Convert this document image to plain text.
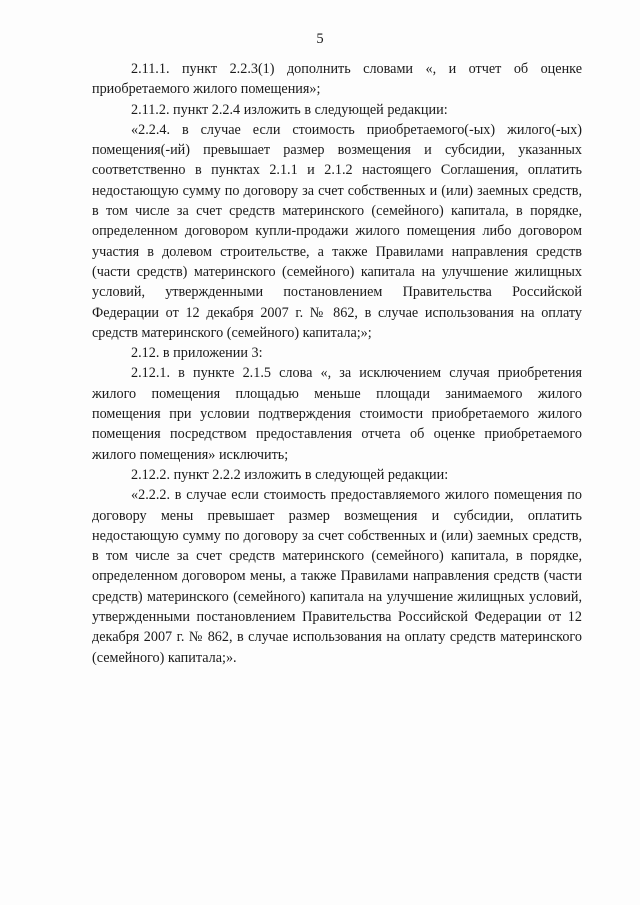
5

2.11.1. пункт 2.2.3(1) дополнить словами «, и отчет об оценке приобретаемого жилого помещения»;

2.11.2. пункт 2.2.4 изложить в следующей редакции:

«2.2.4. в случае если стоимость приобретаемого(-ых) жилого(-ых) помещения(-ий) превышает размер возмещения и субсидии, указанных соответственно в пунктах 2.1.1 и 2.1.2 настоящего Соглашения, оплатить недостающую сумму по договору за счет собственных и (или) заемных средств, в том числе за счет средств материнского (семейного) капитала, в порядке, определенном договором купли-продажи жилого помещения либо договором участия в долевом строительстве, а также Правилами направления средств (части средств) материнского (семейного) капитала на улучшение жилищных условий, утвержденными постановлением Правительства Российской Федерации от 12 декабря 2007 г. № 862, в случае использования на оплату средств материнского (семейного) капитала;»;

2.12. в приложении 3:

2.12.1. в пункте 2.1.5 слова «, за исключением случая приобретения жилого помещения площадью меньше площади занимаемого жилого помещения при условии подтверждения стоимости приобретаемого жилого помещения посредством предоставления отчета об оценке приобретаемого жилого помещения» исключить;

2.12.2. пункт 2.2.2 изложить в следующей редакции:

«2.2.2. в случае если стоимость предоставляемого жилого помещения по договору мены превышает размер возмещения и субсидии, оплатить недостающую сумму по договору за счет собственных и (или) заемных средств, в том числе за счет средств материнского (семейного) капитала, в порядке, определенном договором мены, а также Правилами направления средств (части средств) материнского (семейного) капитала на улучшение жилищных условий, утвержденными постановлением Правительства Российской Федерации от 12 декабря 2007 г. № 862, в случае использования на оплату средств материнского (семейного) капитала;».
